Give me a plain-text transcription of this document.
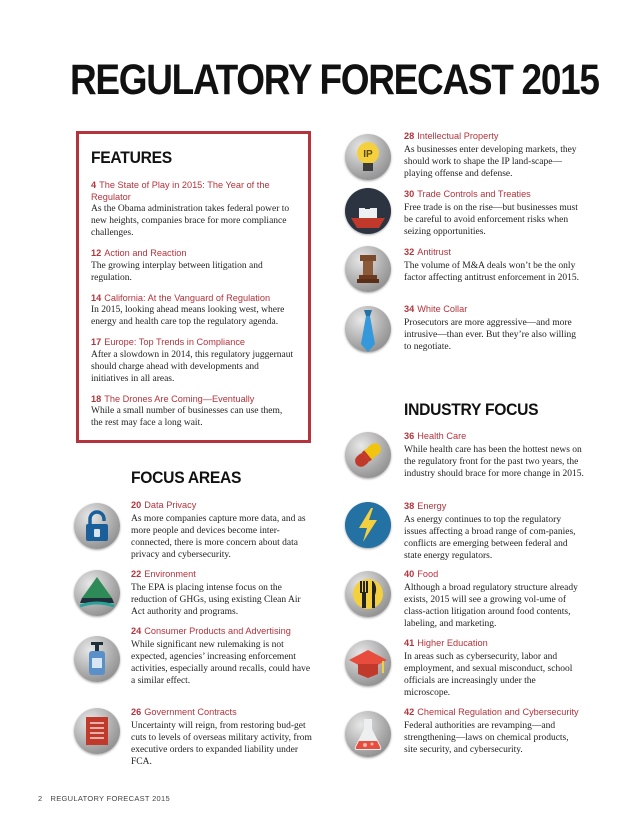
REGULATORY FORECAST 2015
FEATURES
4 The State of Play in 2015: The Year of the Regulator
As the Obama administration takes federal power to new heights, companies brace for more compliance challenges.
12 Action and Reaction
The growing interplay between litigation and regulation.
14 California: At the Vanguard of Regulation
In 2015, looking ahead means looking west, where energy and health care top the regulatory agenda.
17 Europe: Top Trends in Compliance
After a slowdown in 2014, this regulatory juggernaut should charge ahead with developments and initiatives in all areas.
18 The Drones Are Coming—Eventually
While a small number of businesses can use them, the rest may face a long wait.
FOCUS AREAS
20 Data Privacy
As more companies capture more data, and as more people and devices become inter-connected, there is more concern about data privacy and cybersecurity.
22 Environment
The EPA is placing intense focus on the reduction of GHGs, using existing Clean Air Act authority and programs.
24 Consumer Products and Advertising
While significant new rulemaking is not expected, agencies’ increasing enforcement activities, especially around recalls, could have a similar effect.
26 Government Contracts
Uncertainty will reign, from restoring bud-get cuts to levels of overseas military activity, from executive orders to expanded liability under FCA.
IP
28 Intellectual Property
As businesses enter developing markets, they should work to shape the IP land-scape—playing offense and defense.
30 Trade Controls and Treaties
Free trade is on the rise—but businesses must be careful to avoid enforcement risks when seizing opportunities.
32 Antitrust
The volume of M&A deals won’t be the only factor affecting antitrust enforcement in 2015.
34 White Collar
Prosecutors are more aggressive—and more intrusive—than ever. But they’re also willing to negotiate.
INDUSTRY FOCUS
36 Health Care
While health care has been the hottest news on the regulatory front for the past two years, the industry should brace for more change in 2015.
38 Energy
As energy continues to top the regulatory issues affecting a broad range of com-panies, conflicts are emerging between federal and state energy regulators.
40 Food
Although a broad regulatory structure already exists, 2015 will see a growing vol-ume of class-action litigation around food contents, labeling, and marketing.
41 Higher Education
In areas such as cybersecurity, labor and employment, and sexual misconduct, school officials are increasingly under the microscope.
42 Chemical Regulation and Cybersecurity
Federal authorities are revamping—and strengthening—laws on chemical products, site security, and cybersecurity.
2 REGULATORY FORECAST 2015
